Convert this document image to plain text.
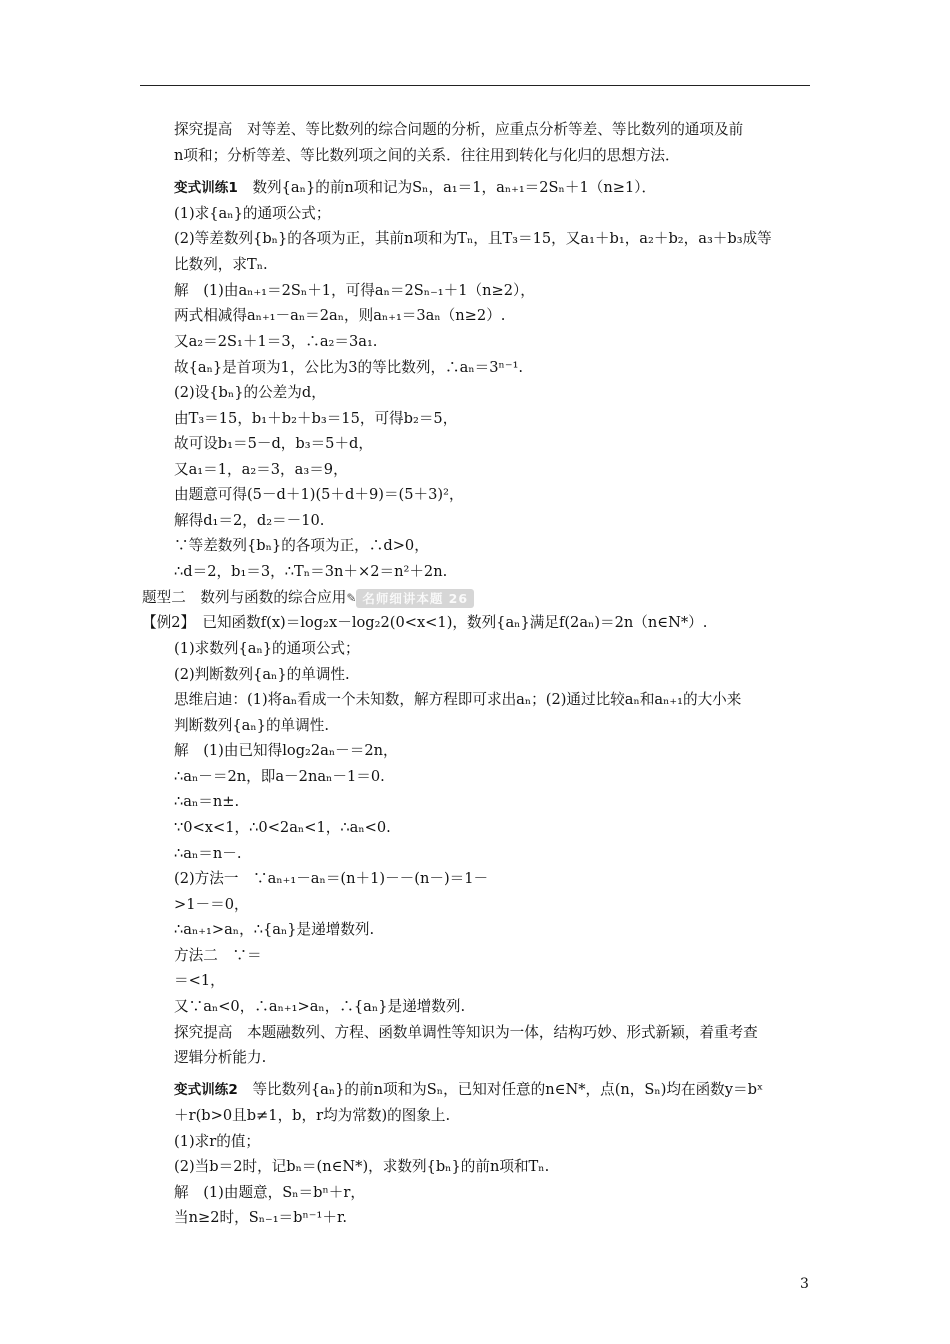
探究提高　对等差、等比数列的综合问题的分析，应重点分析等差、等比数列的通项及前
n项和；分析等差、等比数列项之间的关系．往往用到转化与化归的思想方法．
变式训练1　 数列{aₙ}的前n项和记为Sₙ，a₁＝1，aₙ₊₁＝2Sₙ＋1（n≥1）．
(1)求{aₙ}的通项公式；
(2)等差数列{bₙ}的各项为正，其前n项和为Tₙ，且T₃＝15，又a₁＋b₁，a₂＋b₂，a₃＋b₃成等
比数列，求Tₙ.
解　(1)由aₙ₊₁＝2Sₙ＋1，可得aₙ＝2Sₙ₋₁＋1（n≥2），
两式相减得aₙ₊₁－aₙ＝2aₙ，则aₙ₊₁＝3aₙ（n≥2）.
又a₂＝2S₁＋1＝3，∴a₂＝3a₁.
故{aₙ}是首项为1，公比为3的等比数列，∴aₙ＝3ⁿ⁻¹.
(2)设{bₙ}的公差为d，
由T₃＝15，b₁＋b₂＋b₃＝15，可得b₂＝5，
故可设b₁＝5－d，b₃＝5＋d，
又a₁＝1，a₂＝3，a₃＝9，
由题意可得(5－d＋1)(5＋d＋9)＝(5＋3)²，
解得d₁＝2，d₂＝－10.
∵等差数列{bₙ}的各项为正，∴d>0，
∴d＝2，b₁＝3，∴Tₙ＝3n＋×2＝n²＋2n.
题型二　数列与函数的综合应用✎ 名师细讲本题 26
【例2】　已知函数f(x)＝log₂x－log₂2(0<x<1)，数列{aₙ}满足f(2aₙ)＝2n（n∈N*）.
(1)求数列{aₙ}的通项公式；
(2)判断数列{aₙ}的单调性.
思维启迪：(1)将aₙ看成一个未知数，解方程即可求出aₙ；(2)通过比较aₙ和aₙ₊₁的大小来
判断数列{aₙ}的单调性.
解　(1)由已知得log₂2aₙ－＝2n，
∴aₙ－＝2n，即a－2naₙ－1＝0.
∴aₙ＝n±.
∵0<x<1，∴0<2aₙ<1，∴aₙ<0.
∴aₙ＝n－.
(2)方法一　∵aₙ₊₁－aₙ＝(n＋1)－－(n－)＝1－
>1－＝0，
∴aₙ₊₁>aₙ，∴{aₙ}是递增数列.
方法二　∵＝
＝<1，
又∵aₙ<0，∴aₙ₊₁>aₙ，∴{aₙ}是递增数列.
探究提高　本题融数列、方程、函数单调性等知识为一体，结构巧妙、形式新颖，着重考查
逻辑分析能力.
变式训练2　 等比数列{aₙ}的前n项和为Sₙ，已知对任意的n∈N*，点(n，Sₙ)均在函数y＝bˣ
＋r(b>0且b≠1，b，r均为常数)的图象上.
(1)求r的值；
(2)当b＝2时，记bₙ＝(n∈N*)，求数列{bₙ}的前n项和Tₙ.
解　(1)由题意，Sₙ＝bⁿ＋r，
当n≥2时，Sₙ₋₁＝bⁿ⁻¹＋r.
3
